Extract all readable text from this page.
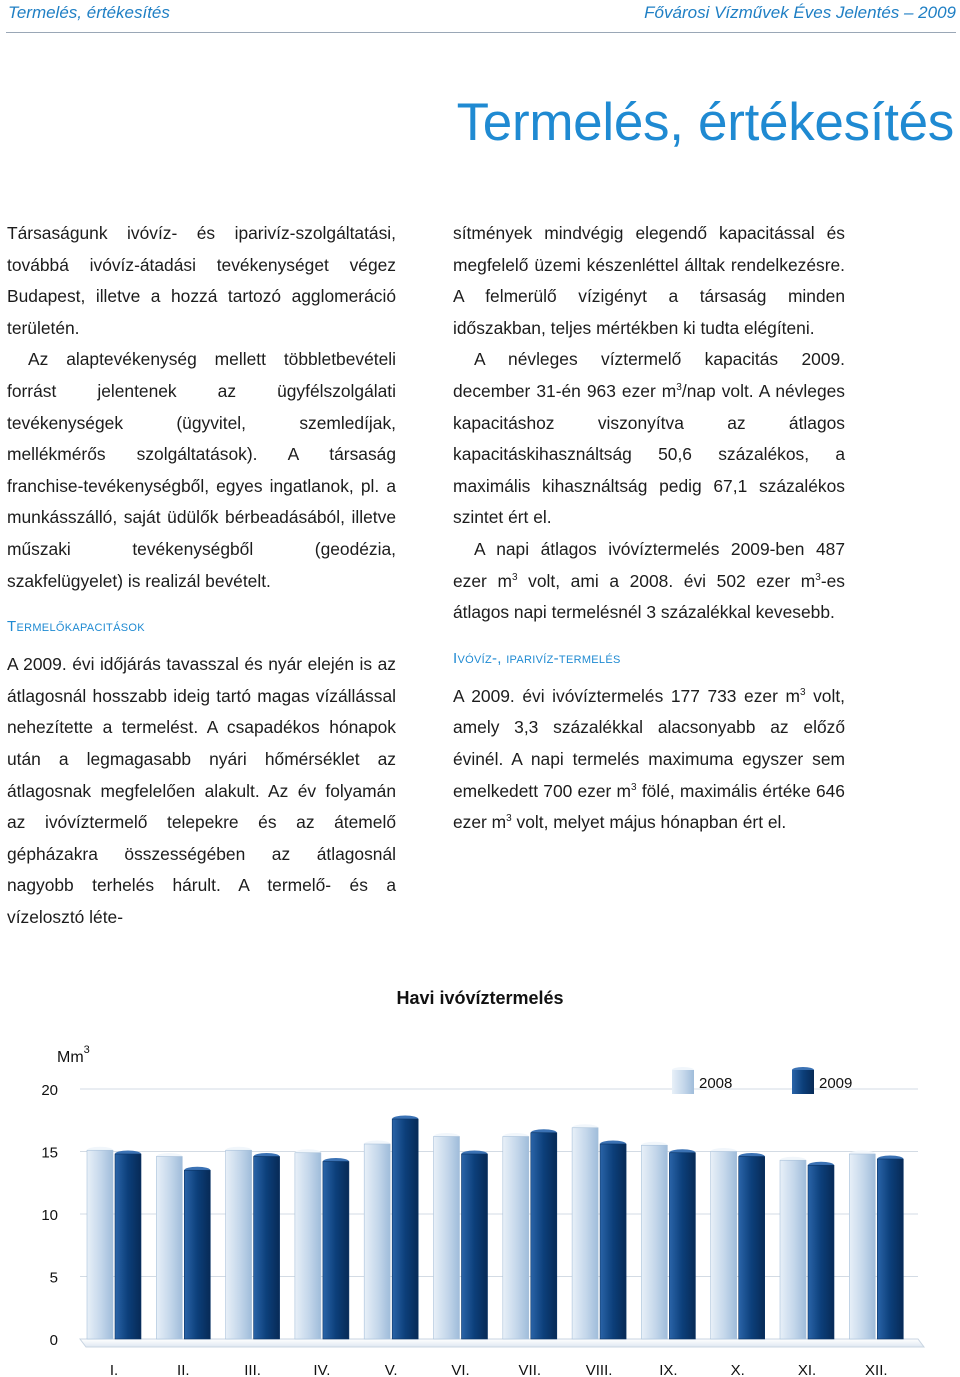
Termelés, értékesítés	Fővárosi Vízművek Éves Jelentés – 2009
Termelés, értékesítés

Társaságunk ivóvíz- és iparivíz-szolgáltatási, továbbá ivóvíz-átadási tevékenységet végez Budapest, illetve a hozzá tartozó agglomeráció területén.

Az alaptevékenység mellett többletbevételi forrást jelentenek az ügyfélszolgálati tevékenységek (ügyvitel, szemledíjak, mellékmérős szolgáltatások). A társaság franchise-tevékenységből, egyes ingatlanok, pl. a munkásszálló, saját üdülők bérbeadásából, illetve műszaki tevékenységből (geodézia, szakfelügyelet) is realizál bevételt.

Termelőkapacitások

A 2009. évi időjárás tavasszal és nyár elején is az átlagosnál hosszabb ideig tartó magas vízállással nehezítette a termelést. A csapadékos hónapok után a legmagasabb nyári hőmérséklet az átlagosnak megfelelően alakult. Az év folyamán az ivóvíztermelő telepekre és az átemelő gépházakra összességében az átlagosnál nagyobb terhelés hárult. A termelő- és a vízelosztó léte-

sítmények mindvégig elegendő kapacitással és megfelelő üzemi készenléttel álltak rendelkezésre. A felmerülő vízigényt a társaság minden időszakban, teljes mértékben ki tudta elégíteni.

A névleges víztermelő kapacitás 2009. december 31-én 963 ezer $m^3$/nap volt. A névleges kapacitáshoz viszonyítva az átlagos kapacitáskihasználtság 50,6 százalékos, a maximális kihasználtság pedig 67,1 százalékos szintet ért el.

A napi átlagos ivóvíztermelés 2009-ben 487 ezer $m^3$ volt, ami a 2008. évi 502 ezer $m^3-es$ átlagos napi termelésnél 3 százalékkal kevesebb.

Ivóvíz-, iparivíz-termelés

A 2009. évi ivóvíztermelés 177 733 ezer $m^3$ volt, amely 3,3 százalékkal alacsonyabb az előző évinél. A napi termelés maximuma egyszer sem emelkedett 700 ezer $m^3$ fölé, maximális értéke 646 ezer $m^3$ volt, melyet május hónapban ért el.

Havi ivóvíztermelés
0
5
10
15
20
Mm$^3$
I.	II.	III.	IV.	V.	VI.	VII.	VIII.	IX.	X.	XI.	XII.
2008	2009
